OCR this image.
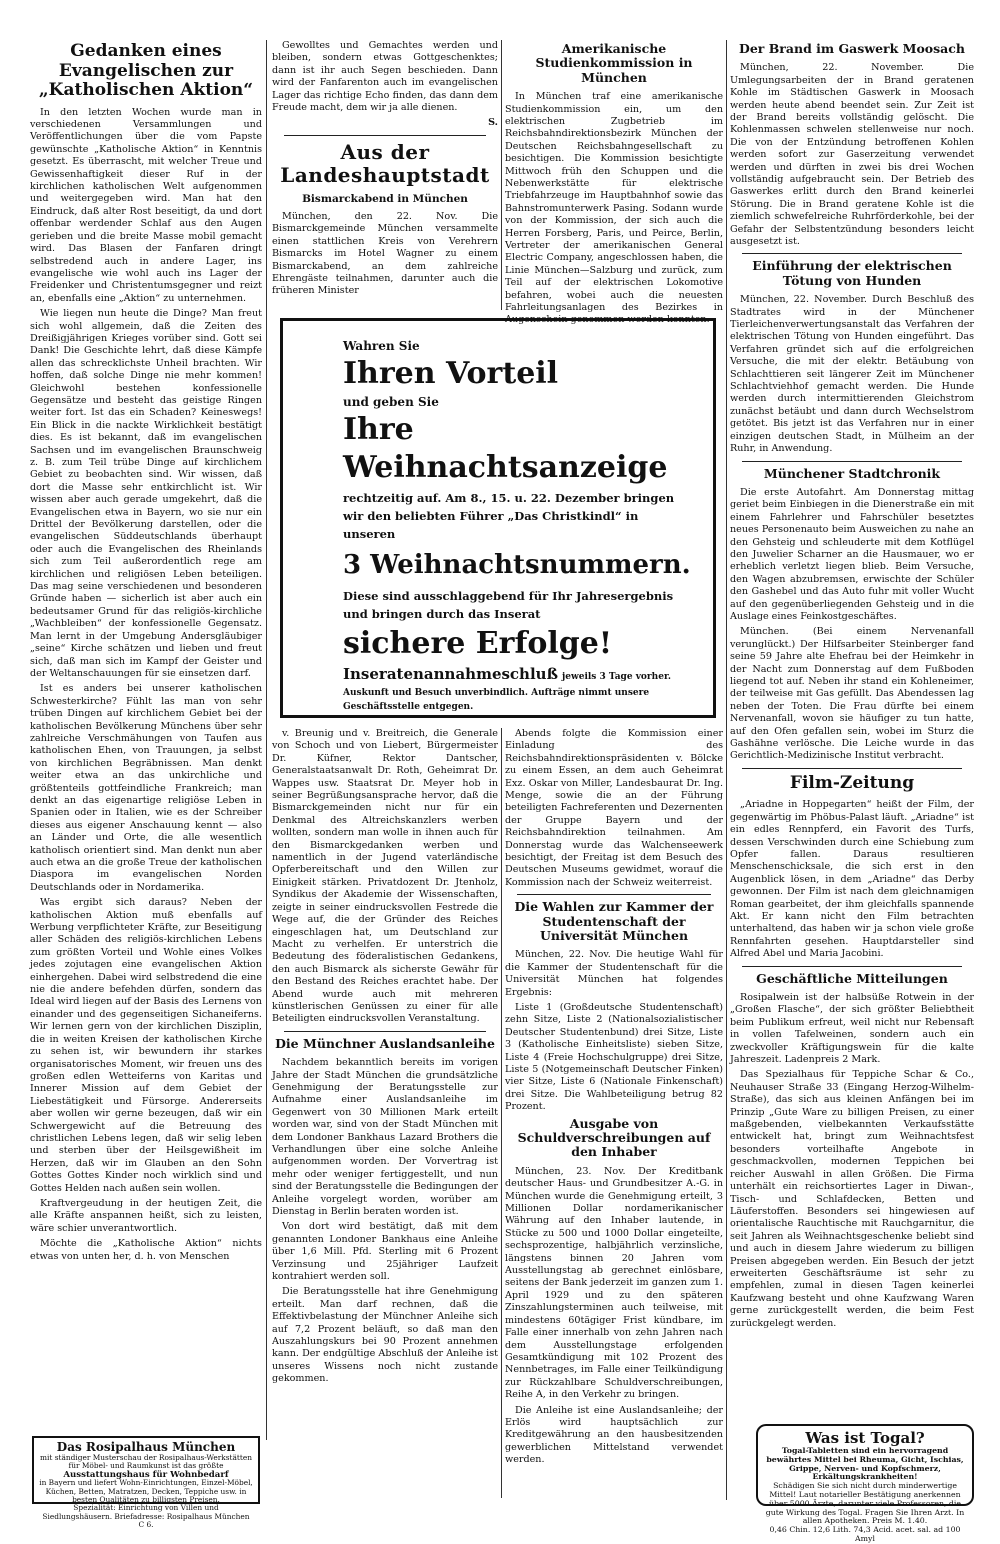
Gedanken eines Evangelischen zur „Katholischen Aktion“

In den letzten Wochen wurde man in verschiedenen Versammlungen und Veröffentlichungen über die vom Papste gewünschte „Katholische Aktion“ in Kenntnis gesetzt. Es überrascht, mit welcher Treue und Gewissenhaftigkeit dieser Ruf in der kirchlichen katholischen Welt aufgenommen und weitergegeben wird. Man hat den Eindruck, daß alter Rost beseitigt, da und dort offenbar werdender Schlaf aus den Augen gerieben und die breite Masse mobil gemacht wird. Das Blasen der Fanfaren dringt selbstredend auch in andere Lager, ins evangelische wie wohl auch ins Lager der Freidenker und Christentumsgegner und reizt an, ebenfalls eine „Aktion“ zu unternehmen.

Wie liegen nun heute die Dinge? Man freut sich wohl allgemein, daß die Zeiten des Dreißigjährigen Krieges vorüber sind. Gott sei Dank! Die Geschichte lehrt, daß diese Kämpfe allen das schrecklichste Unheil brachten. Wir hoffen, daß solche Dinge nie mehr kommen! Gleichwohl bestehen konfessionelle Gegensätze und besteht das geistige Ringen weiter fort. Ist das ein Schaden? Keineswegs! Ein Blick in die nackte Wirklichkeit bestätigt dies. Es ist bekannt, daß im evangelischen Sachsen und im evangelischen Braunschweig z. B. zum Teil trübe Dinge auf kirchlichem Gebiet zu beobachten sind. Wir wissen, daß dort die Masse sehr entkirchlicht ist. Wir wissen aber auch gerade umgekehrt, daß die Evangelischen etwa in Bayern, wo sie nur ein Drittel der Bevölkerung darstellen, oder die evangelischen Süddeutschlands überhaupt oder auch die Evangelischen des Rheinlands sich zum Teil außerordentlich rege am kirchlichen und religiösen Leben beteiligen. Das mag seine verschiedenen und besonderen Gründe haben — sicherlich ist aber auch ein bedeutsamer Grund für das religiös-kirchliche „Wachbleiben“ der konfessionelle Gegensatz. Man lernt in der Umgebung Andersgläubiger „seine“ Kirche schätzen und lieben und freut sich, daß man sich im Kampf der Geister und der Weltanschauungen für sie einsetzen darf.

Ist es anders bei unserer katholischen Schwesterkirche? Fühlt las man von sehr trüben Dingen auf kirchlichem Gebiet bei der katholischen Bevölkerung Münchens über sehr zahlreiche Verschmähungen von Taufen aus katholischen Ehen, von Trauungen, ja selbst von kirchlichen Begräbnissen. Man denkt weiter etwa an das unkirchliche und größtenteils gottfeindliche Frankreich; man denkt an das eigenartige religiöse Leben in Spanien oder in Italien, wie es der Schreiber dieses aus eigener Anschauung kennt — also an Länder und Orte, die alle wesentlich katholisch orientiert sind. Man denkt nun aber auch etwa an die große Treue der katholischen Diaspora im evangelischen Norden Deutschlands oder in Nordamerika.

Was ergibt sich daraus? Neben der katholischen Aktion muß ebenfalls auf Werbung verpflichteter Kräfte, zur Beseitigung aller Schäden des religiös-kirchlichen Lebens zum größten Vorteil und Wohle eines Volkes jedes zojutagen eine evangelischen Aktion einhergehen. Dabei wird selbstredend die eine nie die andere befehden dürfen, sondern das Ideal wird liegen auf der Basis des Lernens von einander und des gegenseitigen Sichaneiferns. Wir lernen gern von der kirchlichen Disziplin, die in weiten Kreisen der katholischen Kirche zu sehen ist, wir bewundern ihr starkes organisatorisches Moment, wir freuen uns des großen edlen Wetteiferns von Karitas und Innerer Mission auf dem Gebiet der Liebestätigkeit und Fürsorge. Andererseits aber wollen wir gerne bezeugen, daß wir ein Schwergewicht auf die Betreuung des christlichen Lebens legen, daß wir selig leben und sterben über der Heilsgewißheit im Herzen, daß wir im Glauben an den Sohn Gottes Gottes Kinder noch wirklich sind und Gottes Helden nach außen sein wollen.

Kraftvergeudung in der heutigen Zeit, die alle Kräfte anspannen heißt, sich zu leisten, wäre schier unverantwortlich.

Möchte die „Katholische Aktion“ nichts etwas von unten her, d. h. von Menschen

Gewolltes und Gemachtes werden und bleiben, sondern etwas Gottgeschenktes; dann ist ihr auch Segen beschieden. Dann wird der Fanfarenton auch im evangelischen Lager das richtige Echo finden, das dann dem Freude macht, dem wir ja alle dienen.

S.
Aus der Landeshauptstadt
Bismarckabend in München

München, den 22. Nov. Die Bismarckgemeinde München versammelte einen stattlichen Kreis von Verehrern Bismarcks im Hotel Wagner zu einem Bismarckabend, an dem zahlreiche Ehrengäste teilnahmen, darunter auch die früheren Minister

Amerikanische Studienkommission in München

In München traf eine amerikanische Studienkommission ein, um den elektrischen Zugbetrieb im Reichsbahndirektionsbezirk München der Deutschen Reichsbahngesellschaft zu besichtigen. Die Kommission besichtigte Mittwoch früh den Schuppen und die Nebenwerkstätte für elektrische Triebfahrzeuge im Hauptbahnhof sowie das Bahnstromunterwerk Pasing. Sodann wurde von der Kommission, der sich auch die Herren Forsberg, Paris, und Peirce, Berlin, Vertreter der amerikanischen General Electric Company, angeschlossen haben, die Linie München—Salzburg und zurück, zum Teil auf der elektrischen Lokomotive befahren, wobei auch die neuesten Fahrleitungsanlagen des Bezirkes in Augenschein genommen werden konnten.

Wahren Sie
Ihren Vorteil
und geben Sie
Ihre Weihnachtsanzeige
rechtzeitig auf. Am 8., 15. u. 22. Dezember bringen wir den beliebten Führer „Das Christkindl“ in unseren
3 Weihnachtsnummern.
Diese sind ausschlaggebend für Ihr Jahresergebnis und bringen durch das Inserat
sichere Erfolge!
Inseratenannahmeschluß jeweils 3 Tage vorher.
Auskunft und Besuch unverbindlich. Aufträge nimmt unsere Geschäftsstelle entgegen.

v. Breunig und v. Breitreich, die Generale von Schoch und von Liebert, Bürgermeister Dr. Küfner, Rektor Dantscher, Generalstaatsanwalt Dr. Roth, Geheimrat Dr. Wappes usw. Staatsrat Dr. Meyer hob in seiner Begrüßungsansprache hervor, daß die Bismarckgemeinden nicht nur für ein Denkmal des Altreichskanzlers werben wollten, sondern man wolle in ihnen auch für den Bismarckgedanken werben und namentlich in der Jugend vaterländische Opferbereitschaft und den Willen zur Einigkeit stärken. Privatdozent Dr. Jtenholz, Syndikus der Akademie der Wissenschaften, zeigte in seiner eindrucksvollen Festrede die Wege auf, die der Gründer des Reiches eingeschlagen hat, um Deutschland zur Macht zu verhelfen. Er unterstrich die Bedeutung des föderalistischen Gedankens, den auch Bismarck als sicherste Gewähr für den Bestand des Reiches erachtet habe. Der Abend wurde auch mit mehreren künstlerischen Genüssen zu einer für alle Beteiligten eindrucksvollen Veranstaltung.

Die Münchner Auslandsanleihe

Nachdem bekanntlich bereits im vorigen Jahre der Stadt München die grundsätzliche Genehmigung der Beratungsstelle zur Aufnahme einer Auslandsanleihe im Gegenwert von 30 Millionen Mark erteilt worden war, sind von der Stadt München mit dem Londoner Bankhaus Lazard Brothers die Verhandlungen über eine solche Anleihe aufgenommen worden. Der Vorvertrag ist mehr oder weniger fertiggestellt, und nun sind der Beratungsstelle die Bedingungen der Anleihe vorgelegt worden, worüber am Dienstag in Berlin beraten worden ist.

Von dort wird bestätigt, daß mit dem genannten Londoner Bankhaus eine Anleihe über 1,6 Mill. Pfd. Sterling mit 6 Prozent Verzinsung und 25jähriger Laufzeit kontrahiert werden soll.

Die Beratungsstelle hat ihre Genehmigung erteilt. Man darf rechnen, daß die Effektivbelastung der Münchner Anleihe sich auf 7,2 Prozent beläuft, so daß man den Auszahlungskurs bei 90 Prozent annehmen kann. Der endgültige Abschluß der Anleihe ist unseres Wissens noch nicht zustande gekommen.

Abends folgte die Kommission einer Einladung des Reichsbahndirektionspräsidenten v. Bölcke zu einem Essen, an dem auch Geheimrat Exz. Oskar von Miller, Landesbaurat Dr. Ing. Menge, sowie die an der Führung beteiligten Fachreferenten und Dezernenten der Gruppe Bayern und der Reichsbahndirektion teilnahmen. Am Donnerstag wurde das Walchenseewerk besichtigt, der Freitag ist dem Besuch des Deutschen Museums gewidmet, worauf die Kommission nach der Schweiz weiterreist.

Die Wahlen zur Kammer der Studentenschaft der Universität München

München, 22. Nov. Die heutige Wahl für die Kammer der Studentenschaft für die Universität München hat folgendes Ergebnis:

Liste 1 (Großdeutsche Studentenschaft) zehn Sitze, Liste 2 (Nationalsozialistischer Deutscher Studentenbund) drei Sitze, Liste 3 (Katholische Einheitsliste) sieben Sitze, Liste 4 (Freie Hochschulgruppe) drei Sitze, Liste 5 (Notgemeinschaft Deutscher Finken) vier Sitze, Liste 6 (Nationale Finkenschaft) drei Sitze. Die Wahlbeteiligung betrug 82 Prozent.

Ausgabe von Schuldverschreibungen auf den Inhaber

München, 23. Nov. Der Kreditbank deutscher Haus- und Grundbesitzer A.-G. in München wurde die Genehmigung erteilt, 3 Millionen Dollar nordamerikanischer Währung auf den Inhaber lautende, in Stücke zu 500 und 1000 Dollar eingeteilte, sechsprozentige, halbjährlich verzinsliche, längstens binnen 20 Jahren vom Ausstellungstag ab gerechnet einlösbare, seitens der Bank jederzeit im ganzen zum 1. April 1929 und zu den späteren Zinszahlungsterminen auch teilweise, mit mindestens 60tägiger Frist kündbare, im Falle einer innerhalb von zehn Jahren nach dem Ausstellungstage erfolgenden Gesamtkündigung mit 102 Prozent des Nennbetrages, im Falle einer Teilkündigung zur Rückzahlbare Schuldverschreibungen, Reihe A, in den Verkehr zu bringen.

Die Anleihe ist eine Auslandsanleihe; der Erlös wird hauptsächlich zur Kreditgewährung an den hausbesitzenden gewerblichen Mittelstand verwendet werden.

Der Brand im Gaswerk Moosach

München, 22. November. Die Umlegungsarbeiten der in Brand geratenen Kohle im Städtischen Gaswerk in Moosach werden heute abend beendet sein. Zur Zeit ist der Brand bereits vollständig gelöscht. Die Kohlenmassen schwelen stellenweise nur noch. Die von der Entzündung betroffenen Kohlen werden sofort zur Gaserzeitung verwendet werden und dürften in zwei bis drei Wochen vollständig aufgebraucht sein. Der Betrieb des Gaswerkes erlitt durch den Brand keinerlei Störung. Die in Brand geratene Kohle ist die ziemlich schwefelreiche Ruhrförderkohle, bei der Gefahr der Selbstentzündung besonders leicht ausgesetzt ist.

Einführung der elektrischen Tötung von Hunden

München, 22. November. Durch Beschluß des Stadtrates wird in der Münchener Tierleichenverwertungsanstalt das Verfahren der elektrischen Tötung von Hunden eingeführt. Das Verfahren gründet sich auf die erfolgreichen Versuche, die mit der elektr. Betäubung von Schlachttieren seit längerer Zeit im Münchener Schlachtviehhof gemacht werden. Die Hunde werden durch intermittierenden Gleichstrom zunächst betäubt und dann durch Wechselstrom getötet. Bis jetzt ist das Verfahren nur in einer einzigen deutschen Stadt, in Mülheim an der Ruhr, in Anwendung.

Münchener Stadtchronik

Die erste Autofahrt. Am Donnerstag mittag geriet beim Einbiegen in die Dienerstraße ein mit einem Fahrlehrer und Fahrschüler besetztes neues Personenauto beim Ausweichen zu nahe an den Gehsteig und schleuderte mit dem Kotflügel den Juwelier Scharner an die Hausmauer, wo er erheblich verletzt liegen blieb. Beim Versuche, den Wagen abzubremsen, erwischte der Schüler den Gashebel und das Auto fuhr mit voller Wucht auf den gegenüberliegenden Gehsteig und in die Auslage eines Feinkostgeschäftes.

München. (Bei einem Nervenanfall verunglückt.) Der Hilfsarbeiter Steinberger fand seine 59 Jahre alte Ehefrau bei der Heimkehr in der Nacht zum Donnerstag auf dem Fußboden liegend tot auf. Neben ihr stand ein Kohleneimer, der teilweise mit Gas gefüllt. Das Abendessen lag neben der Toten. Die Frau dürfte bei einem Nervenanfall, wovon sie häufiger zu tun hatte, auf den Ofen gefallen sein, wobei im Sturz die Gashähne verlösche. Die Leiche wurde in das Gerichtlich-Medizinische Institut verbracht.

Film-Zeitung

„Ariadne in Hoppegarten“ heißt der Film, der gegenwärtig im Phöbus-Palast läuft. „Ariadne“ ist ein edles Rennpferd, ein Favorit des Turfs, dessen Verschwinden durch eine Schiebung zum Opfer fallen. Daraus resultieren Menschenschicksale, die sich erst in den Augenblick lösen, in dem „Ariadne“ das Derby gewonnen. Der Film ist nach dem gleichnamigen Roman gearbeitet, der ihm gleichfalls spannende Akt. Er kann nicht den Film betrachten unterhaltend, das haben wir ja schon viele große Rennfahrten gesehen. Hauptdarsteller sind Alfred Abel und Maria Jacobini.

Geschäftliche Mitteilungen

Rosipalwein ist der halbsüße Rotwein in der „Großen Flasche“, der sich größter Beliebtheit beim Publikum erfreut, weil nicht nur Rebensaft in vollen Tafelweinen, sondern auch ein zweckvoller Kräftigungswein für die kalte Jahreszeit. Ladenpreis 2 Mark.

Das Spezialhaus für Teppiche Schar & Co., Neuhauser Straße 33 (Eingang Herzog-Wilhelm-Straße), das sich aus kleinen Anfängen bei im Prinzip „Gute Ware zu billigen Preisen, zu einer maßgebenden, vielbekannten Verkaufsstätte entwickelt hat, bringt zum Weihnachtsfest besonders vorteilhafte Angebote in geschmackvollen, modernen Teppichen bei reicher Auswahl in allen Größen. Die Firma unterhält ein reichsortiertes Lager in Diwan-, Tisch- und Schlafdecken, Betten und Läuferstoffen. Besonders sei hingewiesen auf orientalische Rauchtische mit Rauchgarnitur, die seit Jahren als Weihnachtsgeschenke beliebt sind und auch in diesem Jahre wiederum zu billigen Preisen abgegeben werden. Ein Besuch der jetzt erweiterten Geschäftsräume ist sehr zu empfehlen, zumal in diesen Tagen keinerlei Kaufzwang besteht und ohne Kaufzwang Waren gerne zurückgestellt werden, die beim Fest zurückgelegt werden.

Das Rosipalhaus München
mit ständiger Musterschau der Rosipalhaus-Werkstätten für Möbel- und Raumkunst ist das größte
Ausstattungshaus für Wohnbedarf
in Bayern und liefert Wohn-Einrichtungen, Einzel-Möbel, Küchen, Betten, Matratzen, Decken, Teppiche usw. in besten Qualitäten zu billigsten Preisen.
Spezialität: Einrichtung von Villen und Siedlungshäusern. Briefadresse: Rosipalhaus München C 6.
Was ist Togal?
Togal-Tabletten sind ein hervorragend bewährtes Mittel bei Rheuma, Gicht, Ischias, Grippe, Nerven- und Kopfschmerz, Erkältungskrankheiten!
Schädigen Sie sich nicht durch minderwertige Mittel! Laut notarieller Bestätigung anerkennen über 5000 Ärzte, darunter viele Professoren, die gute Wirkung des Togal. Fragen Sie Ihren Arzt. In allen Apotheken. Preis M. 1.40.
0,46 Chin. 12,6 Lith. 74,3 Acid. acet. sal. ad 100 Amyl
